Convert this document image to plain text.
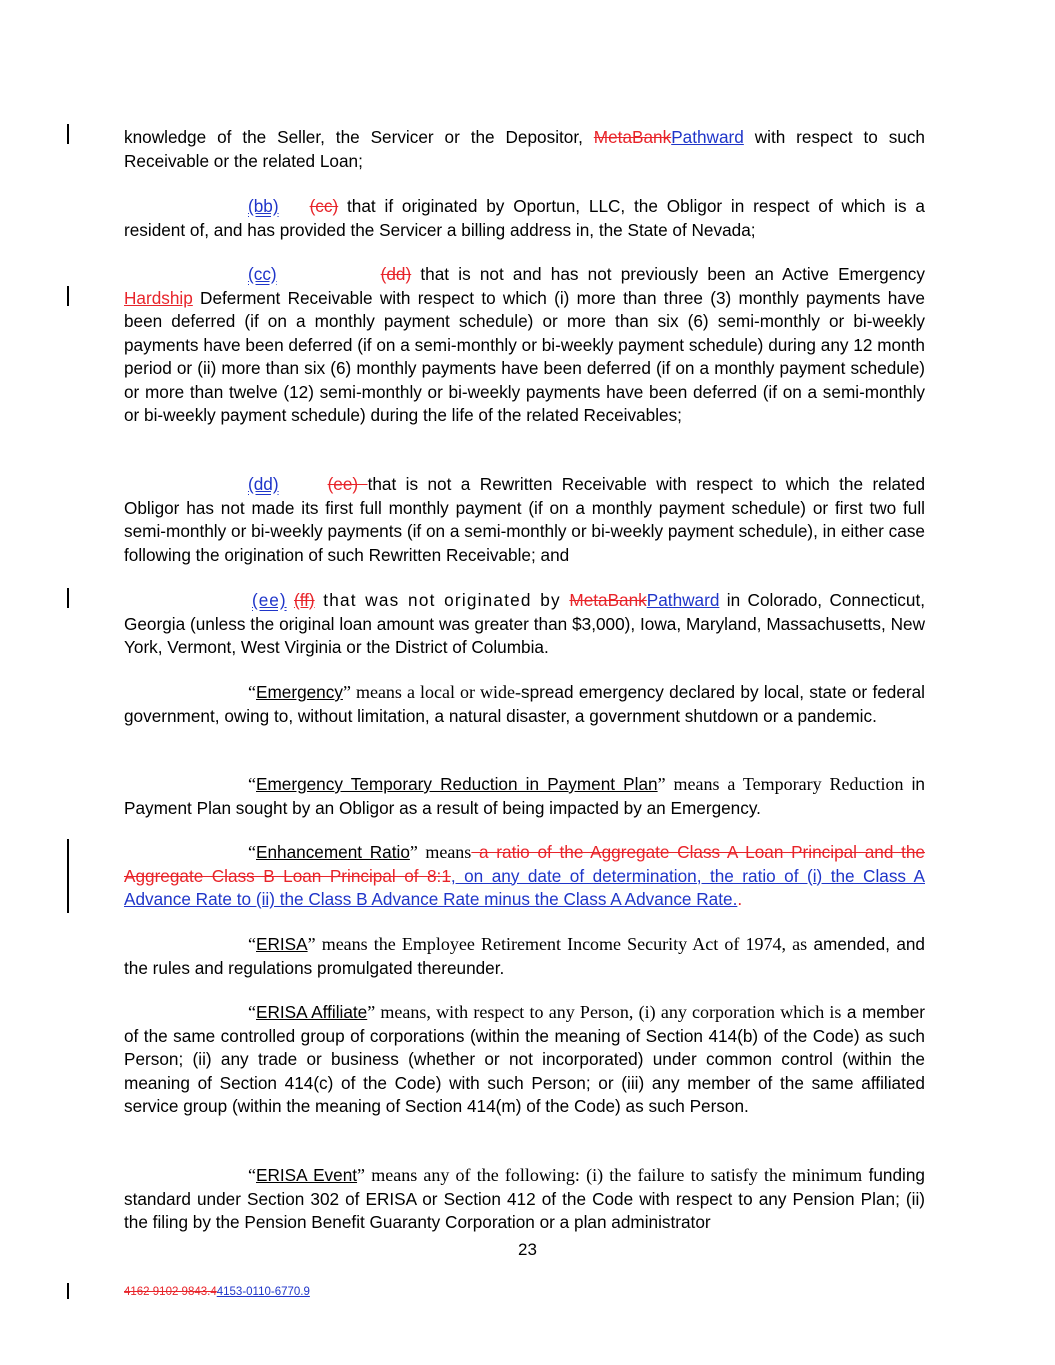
knowledge of the Seller, the Servicer or the Depositor, MetaBankPathward with respect to such Receivable or the related Loan;
(bb) (cc) that if originated by Oportun, LLC, the Obligor in respect of which is a resident of, and has provided the Servicer a billing address in, the State of Nevada;
(cc)	(dd) that is not and has not previously been an Active Emergency Hardship Deferment Receivable with respect to which (i) more than three (3) monthly payments have been deferred (if on a monthly payment schedule) or more than six (6) semi-monthly or bi-weekly payments have been deferred (if on a semi-monthly or bi-weekly payment schedule) during any 12 month period or (ii) more than six (6) monthly payments have been deferred (if on a monthly payment schedule) or more than twelve (12) semi-monthly or bi-weekly payments have been deferred (if on a semi-monthly or bi-weekly payment schedule) during the life of the related Receivables;
(dd)	(ee) that is not a Rewritten Receivable with respect to which the related Obligor has not made its first full monthly payment (if on a monthly payment schedule) or first two full semi-monthly or bi-weekly payments (if on a semi-monthly or bi-weekly payment schedule), in either case following the origination of such Rewritten Receivable; and
(ee) (ff) that was not originated by MetaBankPathward in Colorado, Connecticut, Georgia (unless the original loan amount was greater than $3,000), Iowa, Maryland, Massachusetts, New York, Vermont, West Virginia or the District of Columbia.
“Emergency” means a local or wide-spread emergency declared by local, state or federal government, owing to, without limitation, a natural disaster, a government shutdown or a pandemic.
“Emergency Temporary Reduction in Payment Plan” means a Temporary Reduction in Payment Plan sought by an Obligor as a result of being impacted by an Emergency.
“Enhancement Ratio” means a ratio of the Aggregate Class A Loan Principal and the Aggregate Class B Loan Principal of 8:1, on any date of determination, the ratio of (i) the Class A Advance Rate to (ii) the Class B Advance Rate minus the Class A Advance Rate..
“ERISA” means the Employee Retirement Income Security Act of 1974, as amended, and the rules and regulations promulgated thereunder.
“ERISA Affiliate” means, with respect to any Person, (i) any corporation which is a member of the same controlled group of corporations (within the meaning of Section 414(b) of the Code) as such Person; (ii) any trade or business (whether or not incorporated) under common control (within the meaning of Section 414(c) of the Code) with such Person; or (iii) any member of the same affiliated service group (within the meaning of Section 414(m) of the Code) as such Person.
“ERISA Event” means any of the following: (i) the failure to satisfy the minimum funding standard under Section 302 of ERISA or Section 412 of the Code with respect to any Pension Plan; (ii) the filing by the Pension Benefit Guaranty Corporation or a plan administrator
23
4162 9102 9843.44153-0110-6770.9
